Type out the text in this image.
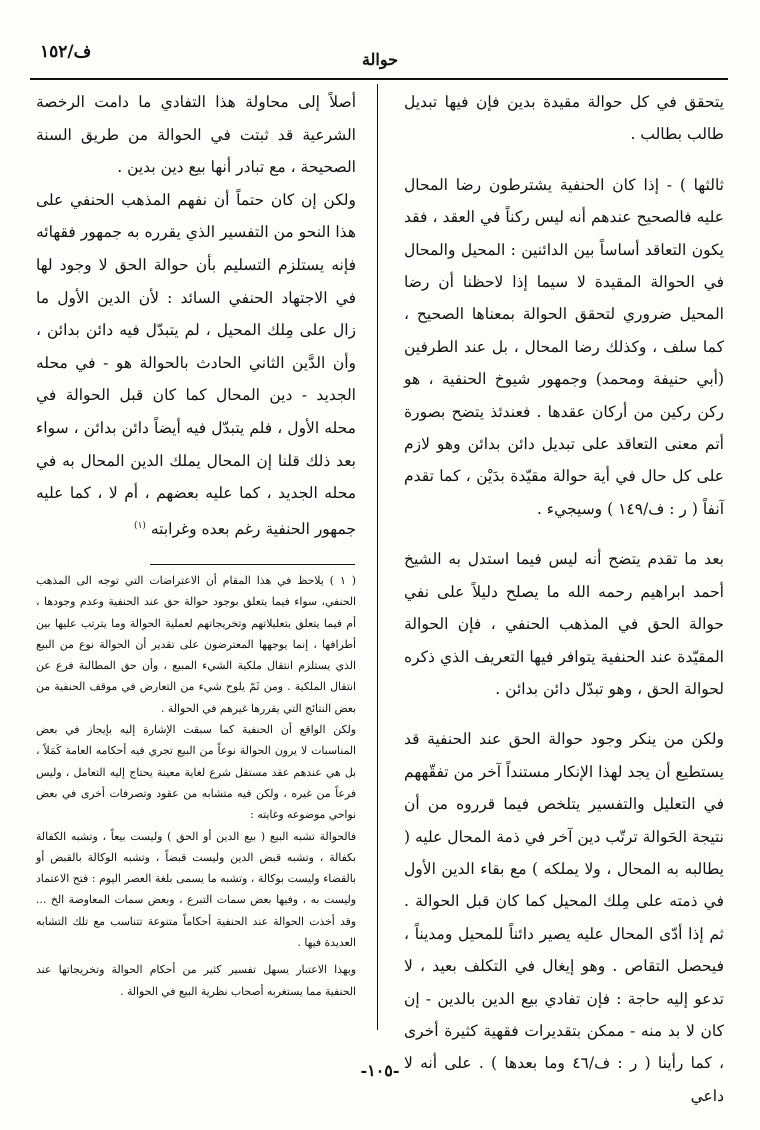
حوالة
ف/١٥٢

يتحقق في كل حوالة مقيدة بدين فإن فيها تبديل طالب بطالب .

ثالثها ) - إذا كان الحنفية يشترطون رضا المحال عليه فالصحيح عندهم أنه ليس ركناً في العقد ، فقد يكون التعاقد أساساً بين الدائنين : المحيل والمحال في الحوالة المقيدة لا سيما إذا لاحظنا أن رضا المحيل ضروري لتحقق الحوالة بمعناها الصحيح ، كما سلف ، وكذلك رضا المحال ، بل عند الطرفين (أبي حنيفة ومحمد) وجمهور شيوخ الحنفية ، هو ركن ركين من أركان عقدها . فعندئذ يتضح بصورة أتم معنى التعاقد على تبديل دائن بدائن وهو لازم على كل حال في أية حوالة مقيّدة بدَيْن ، كما تقدم آنفاً ( ر : ف/١٤٩ ) وسيجيء .

بعد ما تقدم يتضح أنه ليس فيما استدل به الشيخ أحمد ابراهيم رحمه الله ما يصلح دليلاً على نفي حوالة الحق في المذهب الحنفي ، فإن الحوالة المقيّدة عند الحنفية يتوافر فيها التعريف الذي ذكره لحوالة الحق ، وهو تبدّل دائن بدائن .

ولكن من ينكر وجود حوالة الحق عند الحنفية قد يستطيع أن يجد لهذا الإنكار مستنداً آخر من تفقّههم في التعليل والتفسير يتلخص فيما قرروه من أن نتيجة الحَوالة ترتّب دين آخر في ذمة المحال عليه ( يطالبه به المحال ، ولا يملكه ) مع بقاء الدين الأول في ذمته على مِلك المحيل كما كان قبل الحوالة . ثم إذا أدّى المحال عليه يصير دائناً للمحيل ومديناً ، فيحصل التقاص . وهو إيغال في التكلف بعيد ، لا تدعو إليه حاجة : فإن تفادي بيع الدين بالدين - إن كان لا بد منه - ممكن بتقديرات فقهية كثيرة أخرى ، كما رأينا ( ر : ف/٤٦ وما بعدها ) . على أنه لا داعي

أصلاً إلى محاولة هذا التفادي ما دامت الرخصة الشرعية قد ثبتت في الحوالة من طريق السنة الصحيحة ، مع تبادر أنها بيع دين بدين .

ولكن إن كان حتماً أن نفهم المذهب الحنفي على هذا النحو من التفسير الذي يقرره به جمهور فقهائه فإنه يستلزم التسليم بأن حوالة الحق لا وجود لها في الاجتهاد الحنفي السائد : لأن الدين الأول ما زال على مِلك المحيل ، لم يتبدّل فيه دائن بدائن ، وأن الدَّين الثاني الحادث بالحوالة هو - في محله الجديد - دين المحال كما كان قبل الحوالة في محله الأول ، فلم يتبدّل فيه أيضاً دائن بدائن ، سواء بعد ذلك قلنا إن المحال يملك الدين المحال به في محله الجديد ، كما عليه بعضهم ، أم لا ، كما عليه جمهور الحنفية رغم بعده وغرابته $^{(١)}$

( ١ ) يلاحظ في هذا المقام أن الاعتراضات التي توجه الى المذهب الحنفي، سواء فيما يتعلق بوجود حوالة حق عند الحنفية وعدم وجودها ، أم فيما يتعلق بتعليلاتهم وتخريجاتهم لعملية الحوالة وما يترتب عليها بين أطرافها ، إنما يوجهها المعترضون على تقدير أن الحوالة نوع من البيع الذي يستلزم انتقال ملكية الشيء المبيع ، وأن حق المطالبة فرع عن انتقال الملكية . ومن ثَمّ يلوح شيء من التعارض في موقف الحنفية من بعض النتائج التي يقررها غيرهم في الحوالة .

ولكن الواقع أن الحنفية كما سبقت الإشارة إليه بإيجاز في بعض المناسبات لا يرون الحوالة نوعاً من البيع تجري فيه أحكامه العامة كَمَلاً ، بل هي عندهم عقد مستقل شرع لغاية معينة يحتاج إليه التعامل ، وليس فرعاً من غيره ، ولكن فيه متشابه من عقود وتصرفات أخرى في بعض نواحي موضوعه وغايته :

فالحوالة تشبه البيع ( بيع الدين أو الحق ) وليست بيعاً ، وتشبه الكفالة بكفالة ، وتشبه قبض الدين وليست قبضاً ، وتشبه الوكالة بالقبض أو بالقضاء وليست بوكالة ، وتشبه ما يسمى بلغة العصر اليوم : فتح الاعتماد وليست به ، وفيها بعض سمات التبرع ، وبعض سمات المعاوضة الخ ... وقد أخذت الحوالة عند الحنفية أحكاماً متنوعة تتناسب مع تلك التشابه العديدة فيها .

وبهذا الاعتبار يسهل تفسير كثير من أحكام الحوالة وتخريجاتها عند الحنفية مما يستغربه أصحاب نظرية البيع في الحوالة .

-١٠٥-
